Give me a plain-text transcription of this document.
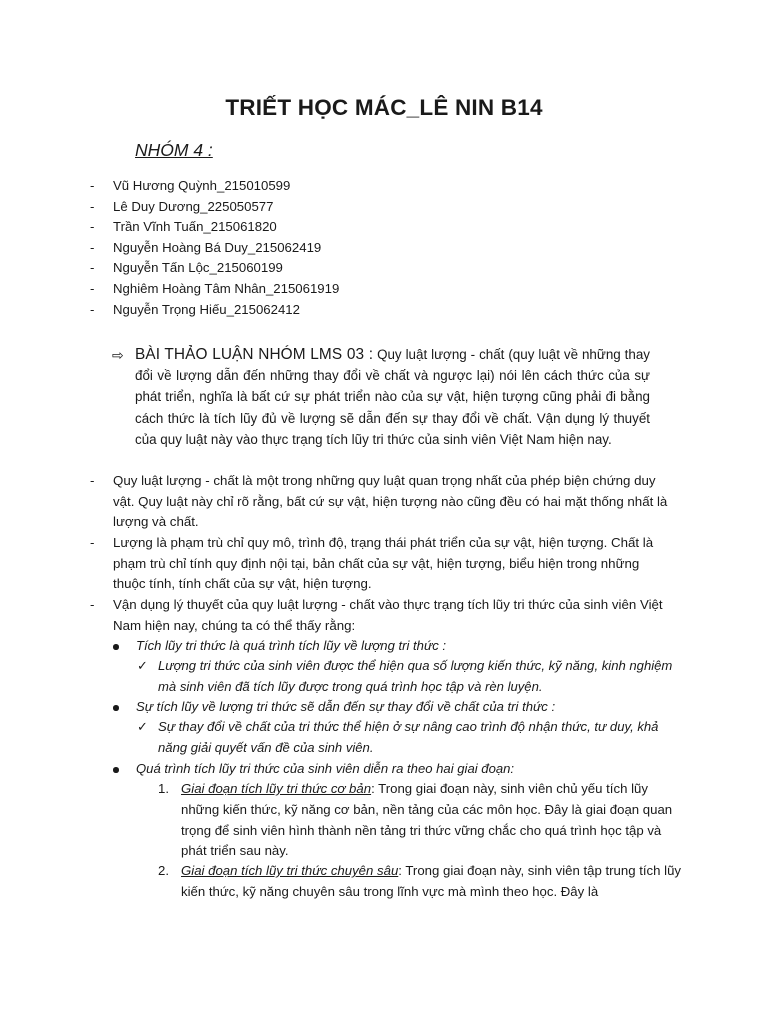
TRIẾT HỌC MÁC_LÊ NIN B14
NHÓM 4 :
- Vũ Hương Quỳnh_215010599
- Lê Duy Dương_225050577
- Trần Vĩnh Tuấn_215061820
- Nguyễn Hoàng Bá Duy_215062419
- Nguyễn Tấn Lộc_215060199
- Nghiêm Hoàng Tâm Nhân_215061919
- Nguyễn Trọng Hiếu_215062412
⇨ BÀI THẢO LUẬN NHÓM LMS 03 : Quy luật lượng - chất (quy luật về những thay đổi về lượng dẫn đến những thay đổi về chất và ngược lại) nói lên cách thức của sự phát triển, nghĩa là bất cứ sự phát triển nào của sự vật, hiện tượng cũng phải đi bằng cách thức là tích lũy đủ về lượng sẽ dẫn đến sự thay đổi về chất. Vận dụng lý thuyết của quy luật này vào thực trạng tích lũy tri thức của sinh viên Việt Nam hiện nay.

- Quy luật lượng - chất là một trong những quy luật quan trọng nhất của phép biện chứng duy vật. Quy luật này chỉ rõ rằng, bất cứ sự vật, hiện tượng nào cũng đều có hai mặt thống nhất là lượng và chất.

- Lượng là phạm trù chỉ quy mô, trình độ, trạng thái phát triển của sự vật, hiện tượng. Chất là phạm trù chỉ tính quy định nội tại, bản chất của sự vật, hiện tượng, biểu hiện trong những thuộc tính, tính chất của sự vật, hiện tượng.

- Vận dụng lý thuyết của quy luật lượng - chất vào thực trạng tích lũy tri thức của sinh viên Việt Nam hiện nay, chúng ta có thể thấy rằng:

Tích lũy tri thức là quá trình tích lũy về lượng tri thức :

✓ Lượng tri thức của sinh viên được thể hiện qua số lượng kiến thức, kỹ năng, kinh nghiệm mà sinh viên đã tích lũy được trong quá trình học tập và rèn luyện.

Sự tích lũy về lượng tri thức sẽ dẫn đến sự thay đổi về chất của tri thức :

✓ Sự thay đổi về chất của tri thức thể hiện ở sự nâng cao trình độ nhận thức, tư duy, khả năng giải quyết vấn đề của sinh viên.

Quá trình tích lũy tri thức của sinh viên diễn ra theo hai giai đoạn:

1. Giai đoạn tích lũy tri thức cơ bản: Trong giai đoạn này, sinh viên chủ yếu tích lũy những kiến thức, kỹ năng cơ bản, nền tảng của các môn học. Đây là giai đoạn quan trọng để sinh viên hình thành nền tảng tri thức vững chắc cho quá trình học tập và phát triển sau này.

2. Giai đoạn tích lũy tri thức chuyên sâu: Trong giai đoạn này, sinh viên tập trung tích lũy kiến thức, kỹ năng chuyên sâu trong lĩnh vực mà mình theo học. Đây là
